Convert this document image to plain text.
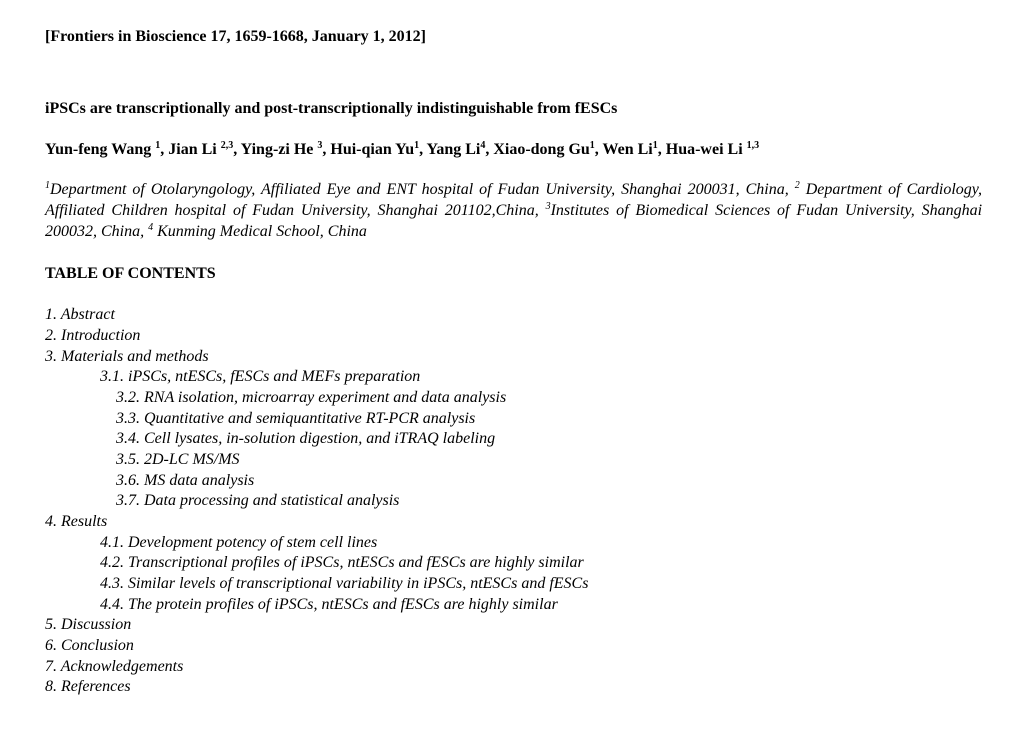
[Frontiers in Bioscience 17, 1659-1668, January 1, 2012]
iPSCs are transcriptionally and post-transcriptionally indistinguishable from fESCs
Yun-feng Wang $^1$, Jian Li $^{2,3}$, Ying-zi He $^3$, Hui-qian Yu$^1$, Yang Li$^4$, Xiao-dong Gu$^1$, Wen Li$^1$, Hua-wei Li $^{1,3}$
$^1$Department of Otolaryngology, Affiliated Eye and ENT hospital of Fudan University, Shanghai 200031, China, $^2$ Department of Cardiology, Affiliated Children hospital of Fudan University, Shanghai 201102,China, $^3$Institutes of Biomedical Sciences of Fudan University, Shanghai 200032, China, $^4$ Kunming Medical School, China
TABLE OF CONTENTS
1. Abstract
2. Introduction
3. Materials and methods
3.1. iPSCs, ntESCs, fESCs and MEFs preparation
3.2. RNA isolation, microarray experiment and data analysis
3.3. Quantitative and semiquantitative RT-PCR analysis
3.4. Cell lysates, in-solution digestion, and iTRAQ labeling
3.5. 2D-LC MS/MS
3.6. MS data analysis
3.7. Data processing and statistical analysis
4. Results
4.1. Development potency of stem cell lines
4.2. Transcriptional profiles of iPSCs, ntESCs and fESCs are highly similar
4.3. Similar levels of transcriptional variability in iPSCs, ntESCs and fESCs
4.4. The protein profiles of iPSCs, ntESCs and fESCs are highly similar
5. Discussion
6. Conclusion
7. Acknowledgements
8. References
